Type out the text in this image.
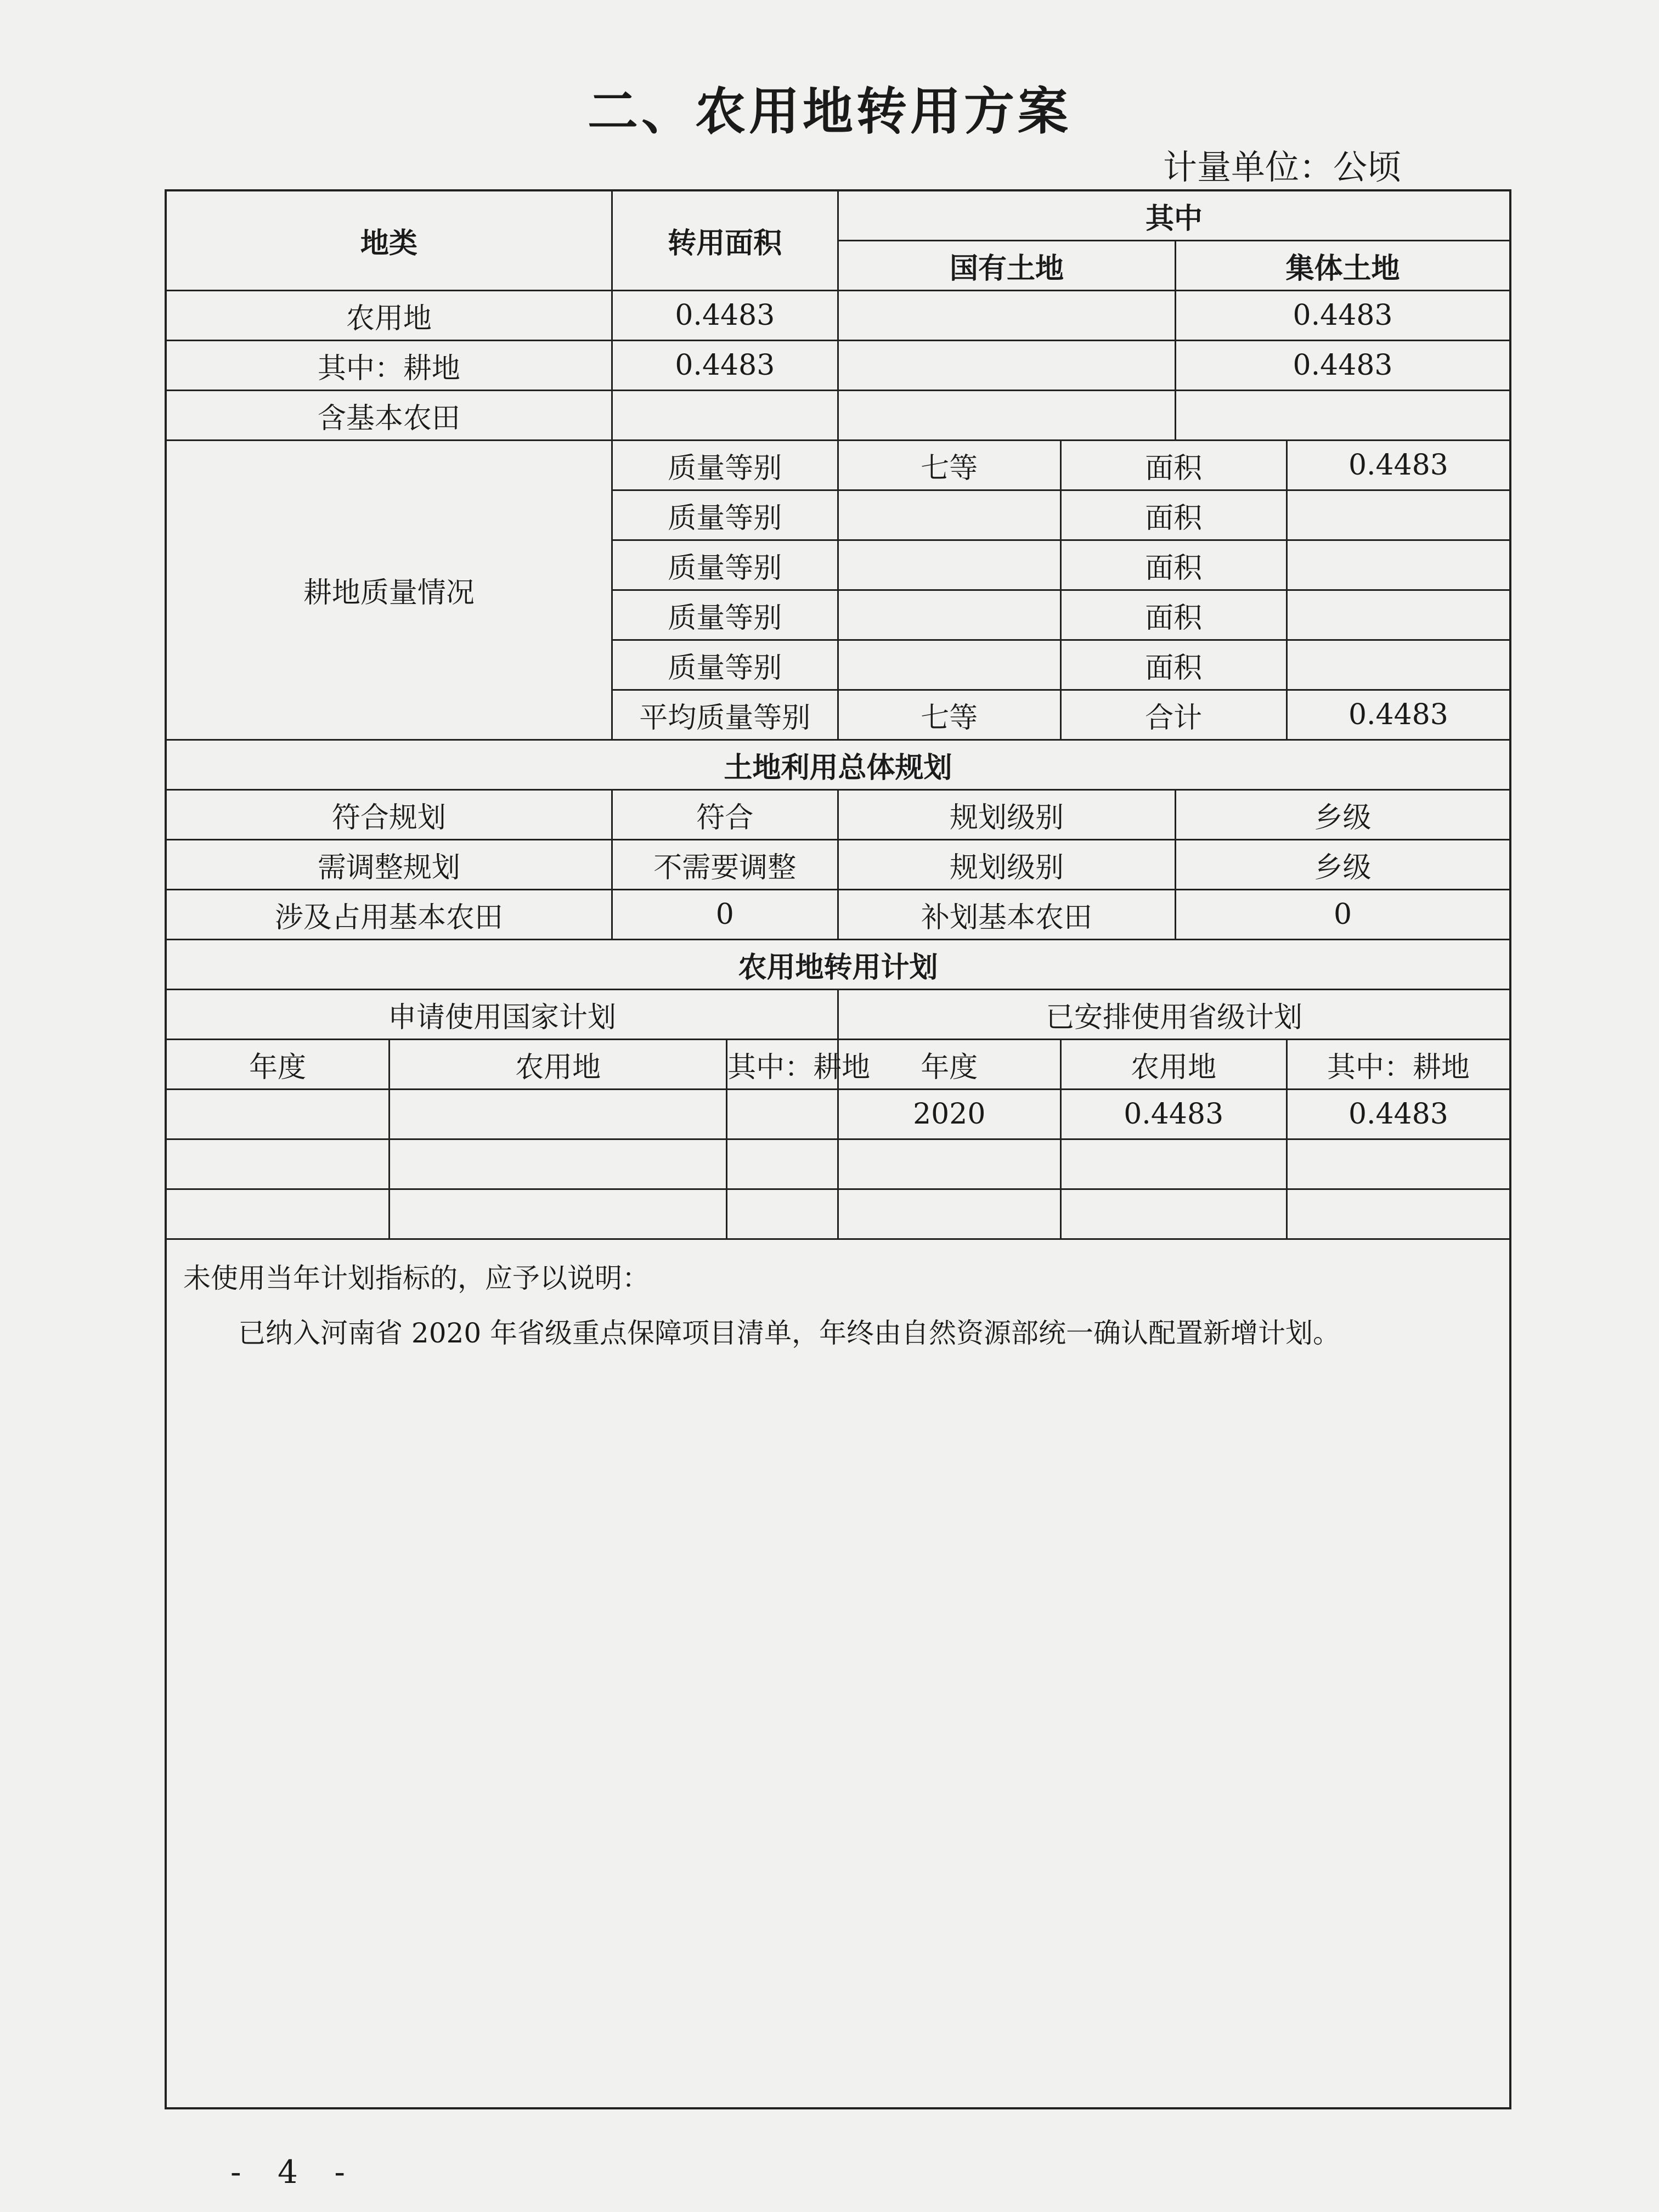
二、农用地转用方案
计量单位：公顷
地类		转用面积		其中			
				国有土地		集体土地	
农用地		0.4483				0.4483	
其中：耕地		0.4483				0.4483	
含基本农田							
耕地质量情况		质量等别		七等	面积		0.4483
		质量等别			面积		
		质量等别			面积		
		质量等别			面积		
		质量等别			面积		
		平均质量等别		七等	合计		0.4483
土地利用总体规划							
符合规划		符合		规划级别		乡级	
需调整规划		不需要调整		规划级别		乡级	
涉及占用基本农田		0		补划基本农田		0	
农用地转用计划							
申请使用国家计划				已安排使用省级计划			
年度	农用地		其中：耕地	年度	农用地		其中：耕地
				2020	0.4483		0.4483

未使用当年计划指标的，应予以说明：
已纳入河南省 2020 年省级重点保障项目清单，年终由自然资源部统一确认配置新增计划。
- 4 -
